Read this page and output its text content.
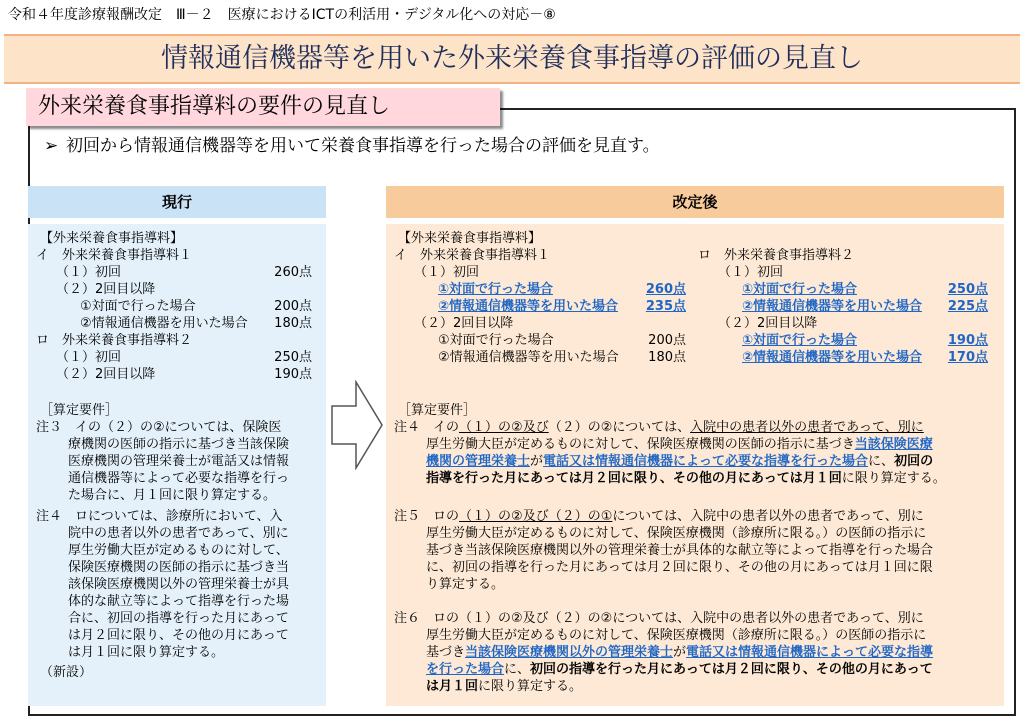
令和４年度診療報酬改定　Ⅲ－２　医療におけるICTの利活用・デジタル化への対応－⑧
情報通信機器等を用いた外来栄養食事指導の評価の見直し
外来栄養食事指導料の要件の見直し
➢ 初回から情報通信機器等を用いて栄養食事指導を行った場合の評価を見直す。
現行	改定後
【外来栄養食事指導料】
イ　外来栄養食事指導料１
（１）初回	260点
（２）2回目以降
①対面で行った場合	200点
②情報通信機器を用いた場合 180点
ロ　外来栄養食事指導料２
（１）初回	250点
（２）2回目以降	190点
［算定要件］
注３　イの（２）の②については、保険医
療機関の医師の指示に基づき当該保険
医療機関の管理栄養士が電話又は情報
通信機器等によって必要な指導を行っ
た場合に、月１回に限り算定する。
注４　ロについては、診療所において、入
院中の患者以外の患者であって、別に
厚生労働大臣が定めるものに対して、
保険医療機関の医師の指示に基づき当
該保険医療機関以外の管理栄養士が具
体的な献立等によって指導を行った場
合に、初回の指導を行った月にあって
は月２回に限り、その他の月にあって
は月１回に限り算定する。
（新設）
【外来栄養食事指導料】
イ　外来栄養食事指導料１
（１）初回
①対面で行った場合	260点
②情報通信機器等を用いた場合 235点
（２）2回目以降
①対面で行った場合	200点
②情報通信機器等を用いた場合 180点
ロ　外来栄養食事指導料２
（１）初回
①対面で行った場合	250点
②情報通信機器等を用いた場合 225点
（２）2回目以降
①対面で行った場合	190点
②情報通信機器等を用いた場合 170点
［算定要件］
注４　 イの（１）の②及び（２）の②については、入院中の患者以外の患者であって、別に
厚生労働大臣が定めるものに対して、保険医療機関の医師の指示に基づき当該保険医療
機関の管理栄養士が電話又は情報通信機器によって必要な指導を行った場合に、初回の
指導を行った月にあっては月２回に限り、その他の月にあっては月１回に限り算定する。
注５　 ロの（１）の②及び（２）の①については、入院中の患者以外の患者であって、別に
厚生労働大臣が定めるものに対して、保険医療機関（診療所に限る。）の医師の指示に
基づき当該保険医療機関以外の管理栄養士が具体的な献立等によって指導を行った場合
に、初回の指導を行った月にあっては月２回に限り、その他の月にあっては月１回に限
り算定する。
注６　 ロの（１）の②及び（２）の②については、入院中の患者以外の患者であって、別に
厚生労働大臣が定めるものに対して、保険医療機関（診療所に限る。）の医師の指示に
基づき当該保険医療機関以外の管理栄養士が電話又は情報通信機器によって必要な指導
を行った場合に、初回の指導を行った月にあっては月２回に限り、その他の月にあって
は月１回に限り算定する。
